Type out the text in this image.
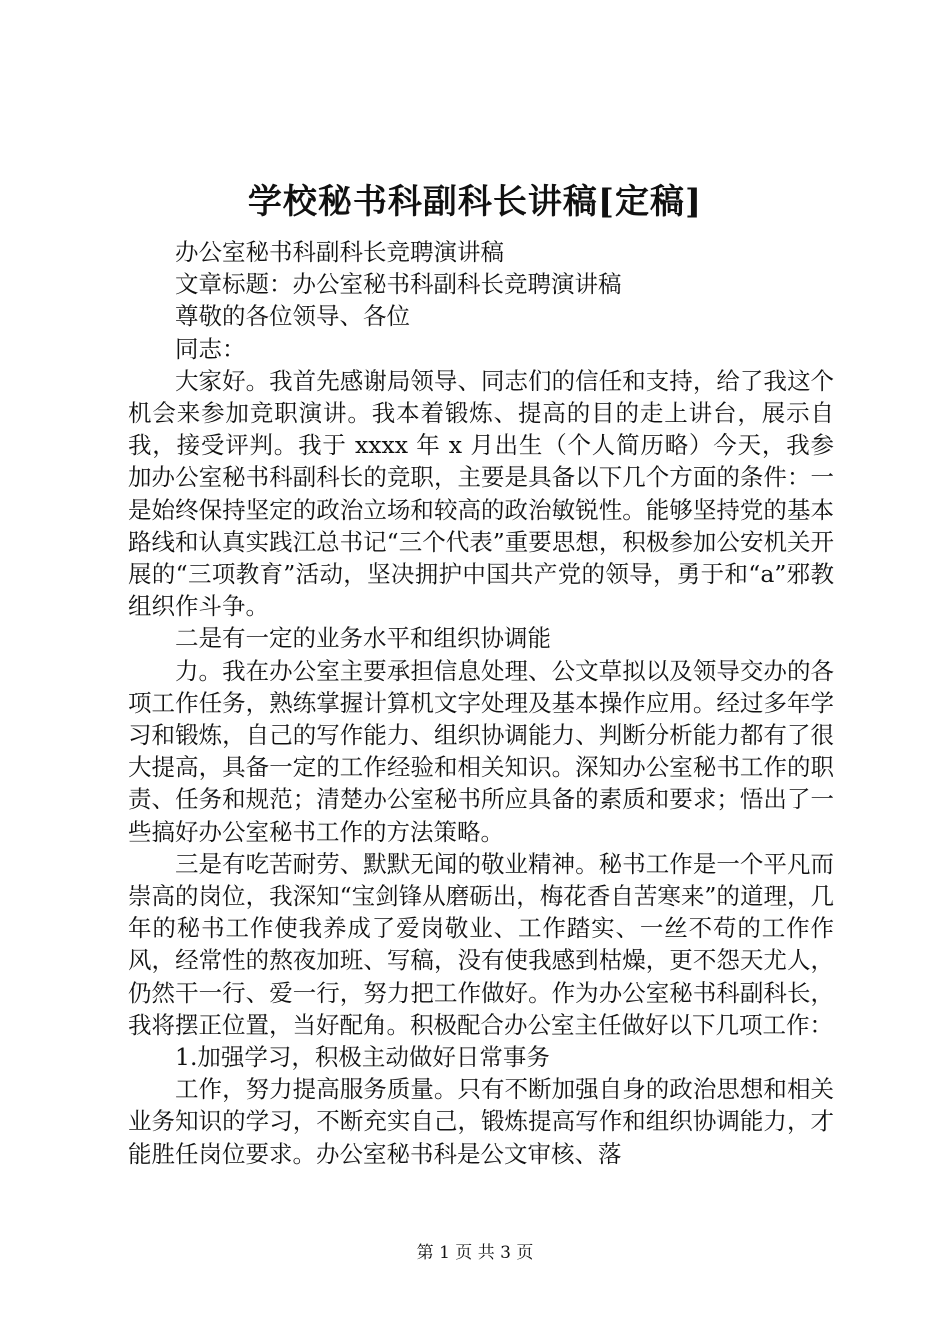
学校秘书科副科长讲稿[定稿]

办公室秘书科副科长竞聘演讲稿

文章标题：办公室秘书科副科长竞聘演讲稿

尊敬的各位领导、各位

同志：

大家好。我首先感谢局领导、同志们的信任和支持，给了我这个机会来参加竞职演讲。我本着锻炼、提高的目的走上讲台，展示自我，接受评判。我于 xxxx 年 x 月出生（个人简历略）今天，我参加办公室秘书科副科长的竞职，主要是具备以下几个方面的条件：一是始终保持坚定的政治立场和较高的政治敏锐性。能够坚持党的基本路线和认真实践江总书记“三个代表”重要思想，积极参加公安机关开展的“三项教育”活动，坚决拥护中国共产党的领导，勇于和“a”邪教组织作斗争。

二是有一定的业务水平和组织协调能

力。我在办公室主要承担信息处理、公文草拟以及领导交办的各项工作任务，熟练掌握计算机文字处理及基本操作应用。经过多年学习和锻炼，自己的写作能力、组织协调能力、判断分析能力都有了很大提高，具备一定的工作经验和相关知识。深知办公室秘书工作的职责、任务和规范；清楚办公室秘书所应具备的素质和要求；悟出了一些搞好办公室秘书工作的方法策略。

三是有吃苦耐劳、默默无闻的敬业精神。秘书工作是一个平凡而崇高的岗位，我深知“宝剑锋从磨砺出，梅花香自苦寒来”的道理，几年的秘书工作使我养成了爱岗敬业、工作踏实、一丝不苟的工作作风，经常性的熬夜加班、写稿，没有使我感到枯燥，更不怨天尤人，仍然干一行、爱一行，努力把工作做好。作为办公室秘书科副科长，我将摆正位置，当好配角。积极配合办公室主任做好以下几项工作：

1.加强学习，积极主动做好日常事务

工作，努力提高服务质量。只有不断加强自身的政治思想和相关业务知识的学习，不断充实自己，锻炼提高写作和组织协调能力，才能胜任岗位要求。办公室秘书科是公文审核、落

第 1 页 共 3 页
